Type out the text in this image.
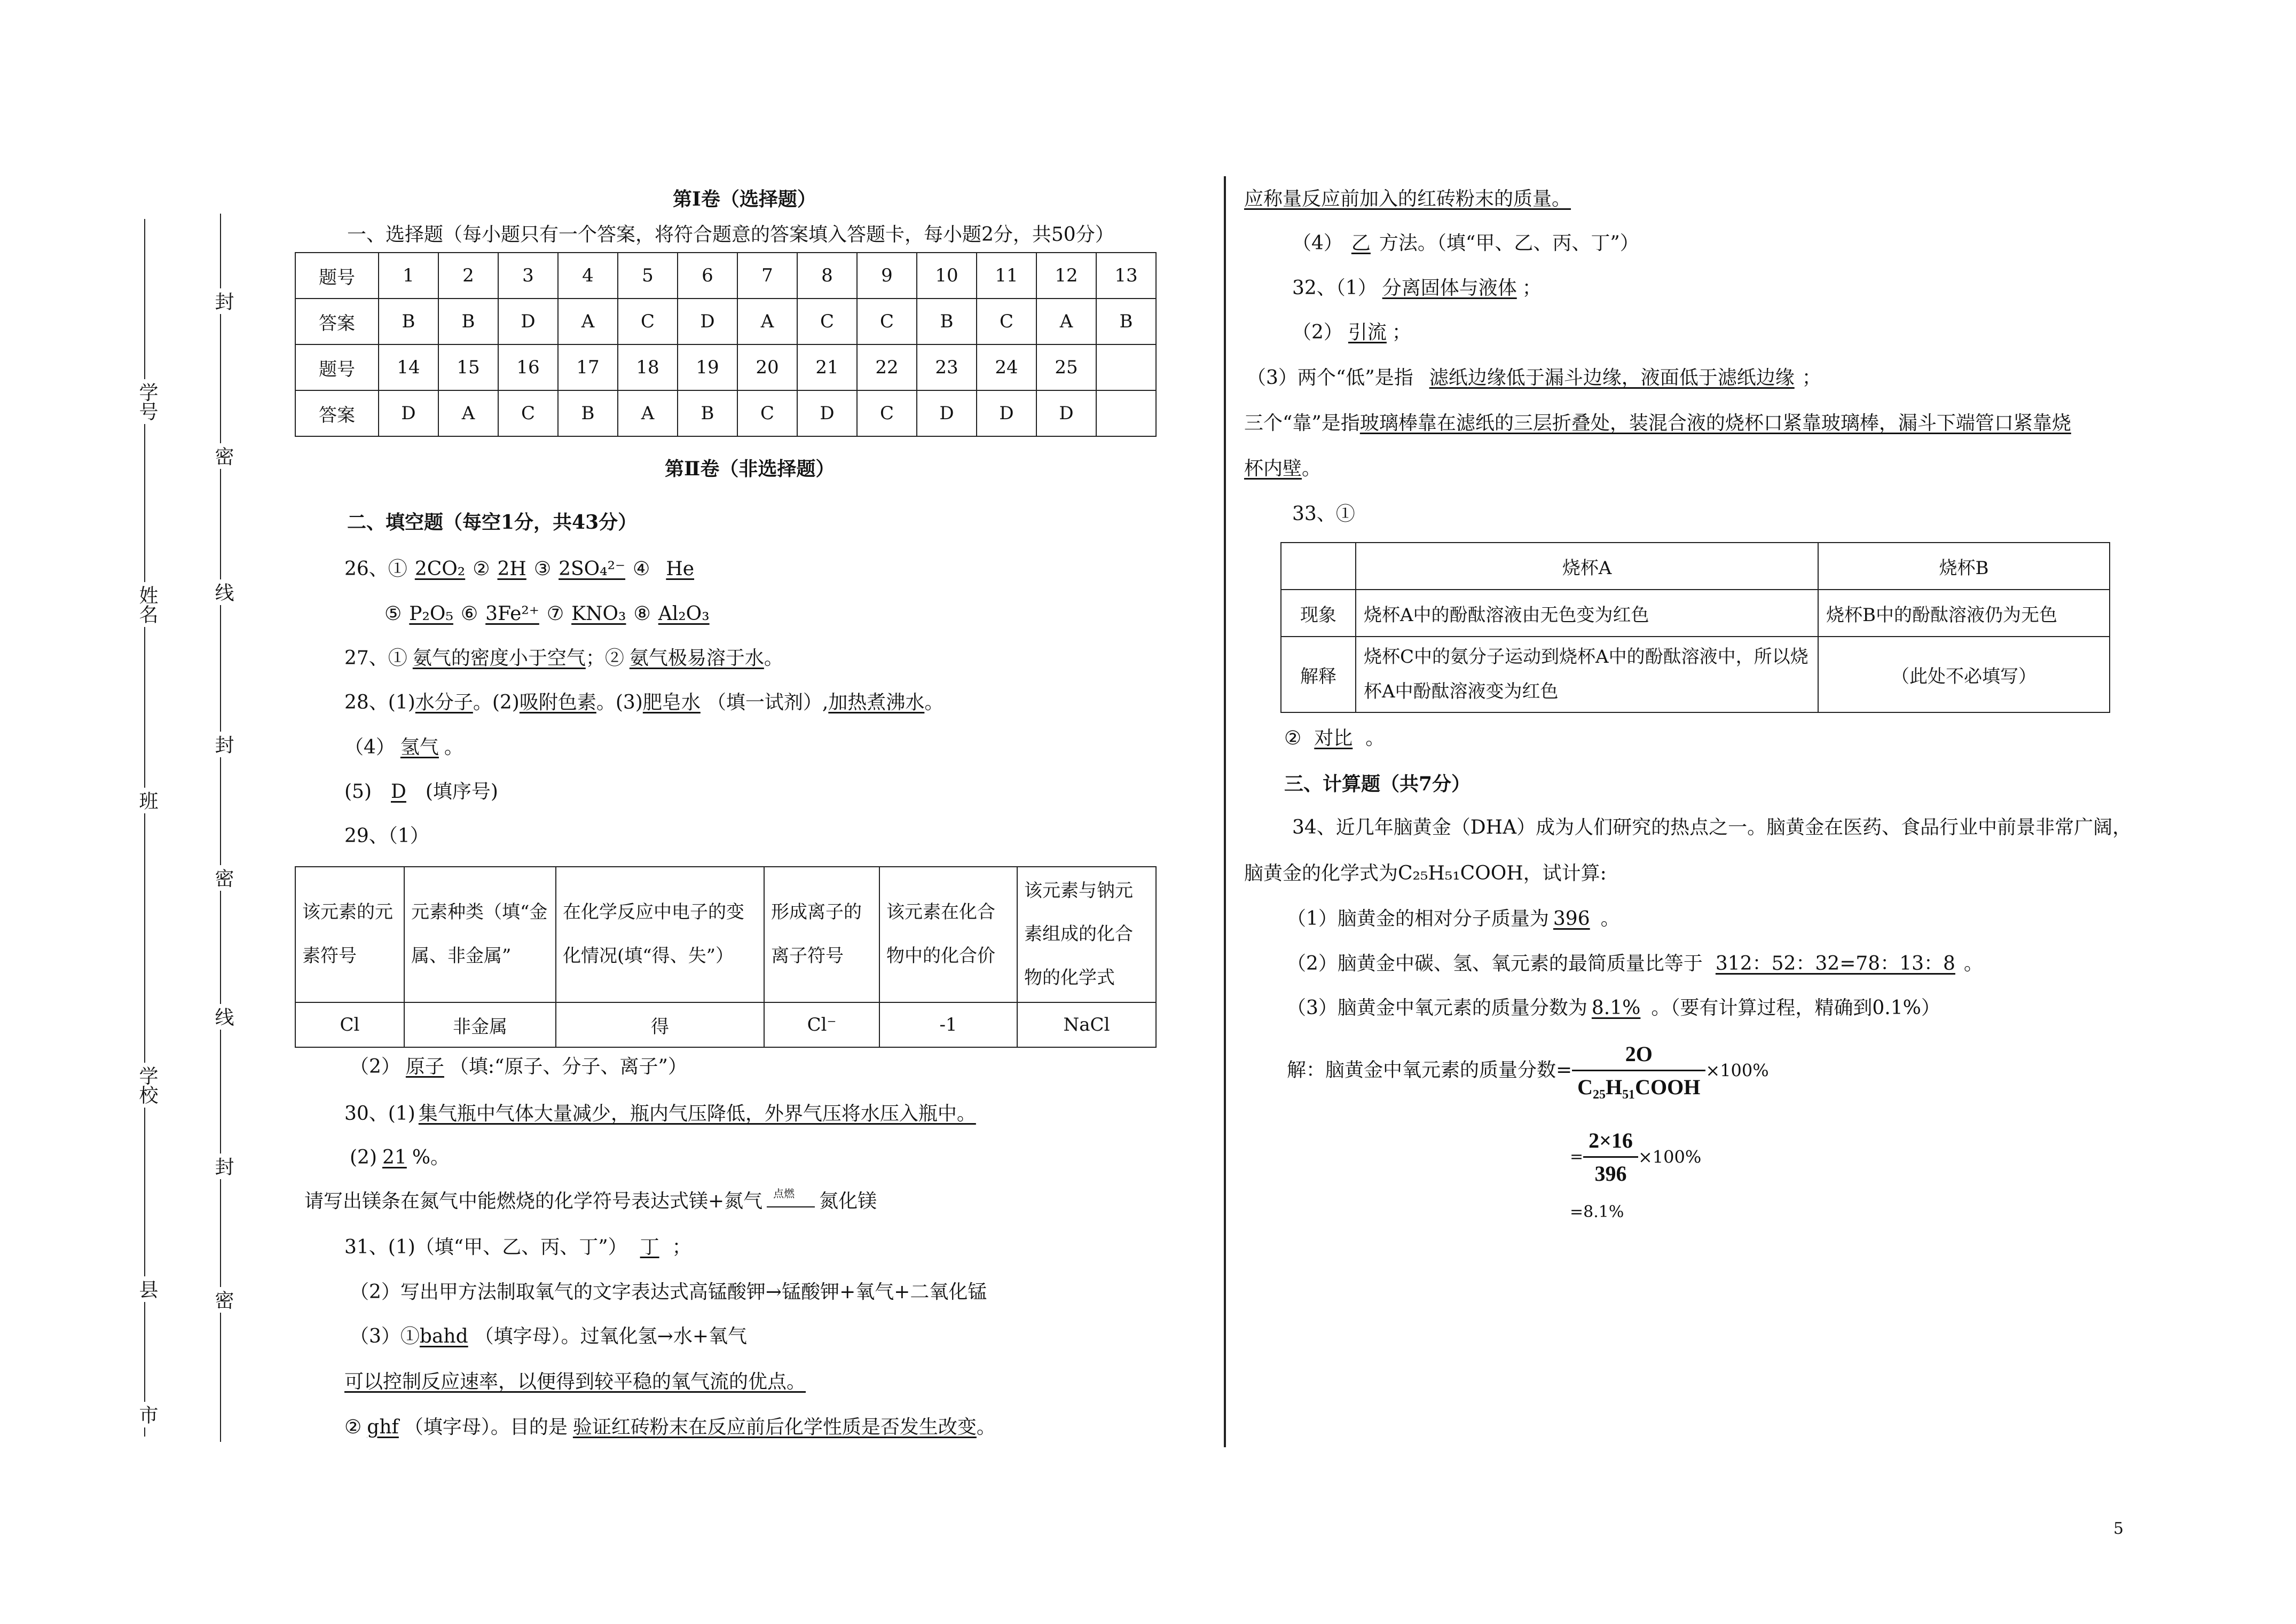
市
县
学校
班
姓名
学号
封
密
线
封
密
线
封
密
第Ⅰ卷（选择题）
一、选择题（每小题只有一个答案，将符合题意的答案填入答题卡，每小题2分，共50分）
题号	1	2	3	4	5	6	7	8	9	10	11	12	13
答案	B	B	D	A	C	D	A	C	C	B	C	A	B
题号	14	15	16	17	18	19	20	21	22	23	24	25	
答案	D	A	C	B	A	B	C	D	C	D	D	D	
第Ⅱ卷（非选择题）
二、填空题（每空1分，共43分）
26、① 2CO₂ ② 2H ③ 2SO₄²⁻ ④ He
⑤ P₂O₅ ⑥ 3Fe²⁺ ⑦ KNO₃ ⑧ Al₂O₃
27、① 氨气的密度小于空气；② 氨气极易溶于水。
28、(1)水分子。(2)吸附色素。(3)肥皂水 （填一试剂）,加热煮沸水。
（4） 氢气 。
(5) D (填序号)
29、（1）
该元素的元素符号	元素种类（填“金属、非金属”	在化学反应中电子的变化情况(填“得、失”）	形成离子的离子符号	该元素在化合物中的化合价	该元素与钠元素组成的化合物的化学式
Cl	非金属	得	Cl⁻	-1	NaCl
（2） 原子 （填:“原子、分子、离子”）
30、(1) 集气瓶中气体大量减少，瓶内气压降低，外界气压将水压入瓶中。
(2) 21 %。
请写出镁条在氮气中能燃烧的化学符号表达式镁+氮气 点燃 氮化镁
31、(1)（填“甲、乙、丙、丁”） 丁 ；
（2）写出甲方法制取氧气的文字表达式高锰酸钾→锰酸钾+氧气+二氧化锰
（3）①bahd （填字母）。过氧化氢→水+氧气
可以控制反应速率，以便得到较平稳的氧气流的优点。
② ghf （填字母）。目的是 验证红砖粉末在反应前后化学性质是否发生改变。
应称量反应前加入的红砖粉末的质量。
（4） 乙 方法。（填“甲、乙、丙、丁”）
32、（1） 分离固体与液体 ；
（2） 引流 ；
（3）两个“低”是指 滤纸边缘低于漏斗边缘，液面低于滤纸边缘 ；
三个“靠”是指玻璃棒靠在滤纸的三层折叠处，装混合液的烧杯口紧靠玻璃棒，漏斗下端管口紧靠烧
杯内壁。
33、①
	烧杯A	烧杯B
现象	烧杯A中的酚酞溶液由无色变为红色	烧杯B中的酚酞溶液仍为无色
解释	烧杯C中的氨分子运动到烧杯A中的酚酞溶液中，所以烧杯A中酚酞溶液变为红色	（此处不必填写）
② 对比 。
三、计算题（共7分）
34、近几年脑黄金（DHA）成为人们研究的热点之一。脑黄金在医药、食品行业中前景非常广阔，
脑黄金的化学式为C₂₅H₅₁COOH，试计算:
（1）脑黄金的相对分子质量为 396 。
（2）脑黄金中碳、氢、氧元素的最简质量比等于 312：52：32=78：13：8 。
（3）脑黄金中氧元素的质量分数为 8.1% 。（要有计算过程，精确到0.1%）
解：脑黄金中氧元素的质量分数= $\frac{2O}{\text{C₂₅H₅₁COOH}} \times 100\%$
= $\frac{2\times 16}{396} \times 100\%$
=8.1%
5
